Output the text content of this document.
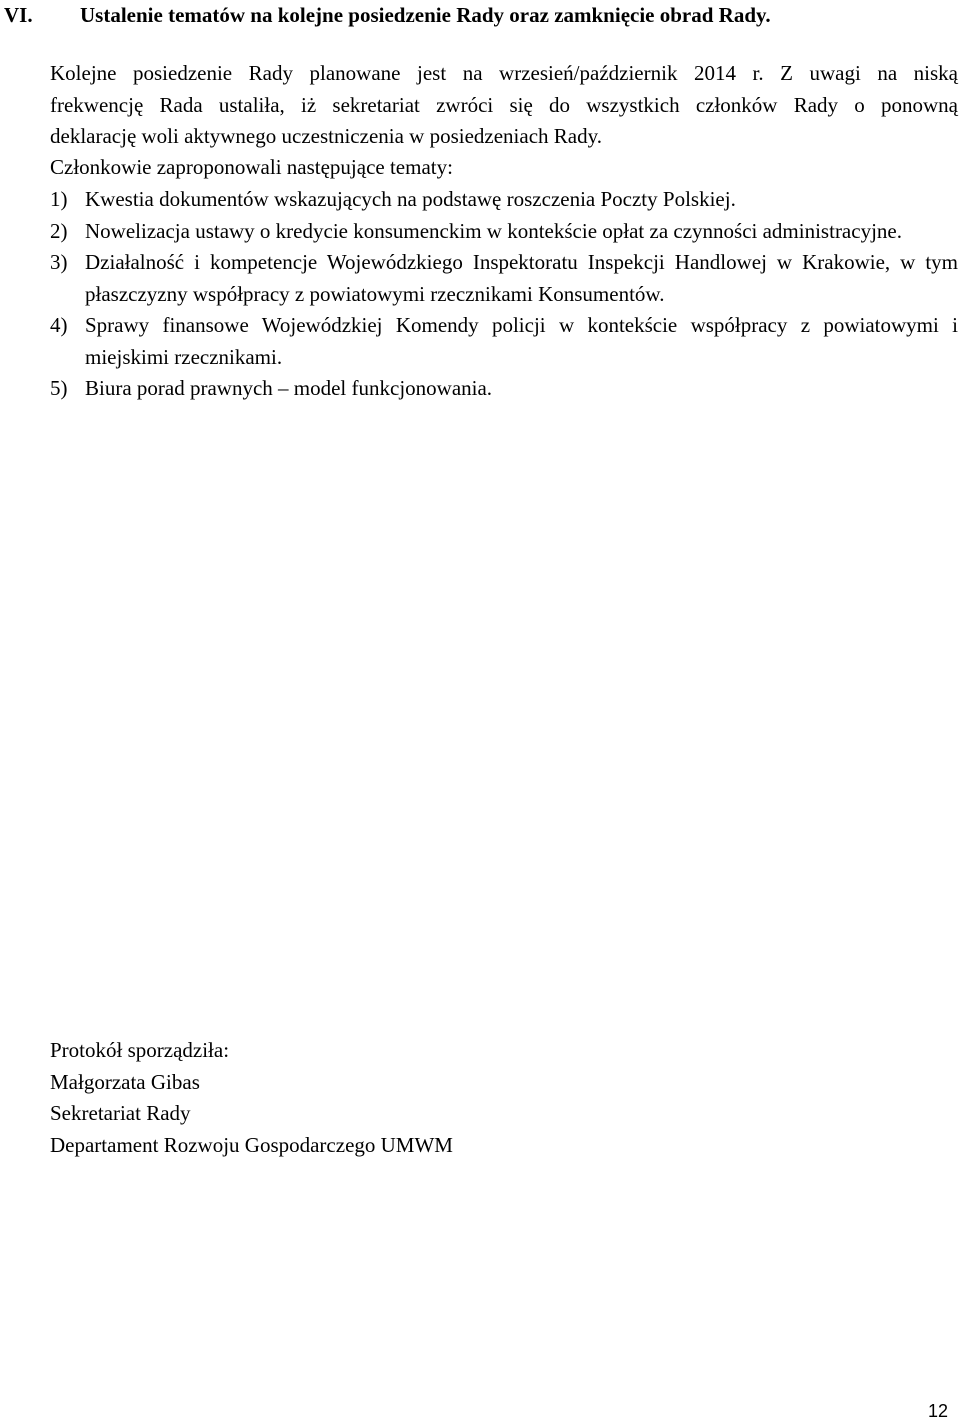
VI. Ustalenie tematów na kolejne posiedzenie Rady oraz zamknięcie obrad Rady.
Kolejne posiedzenie Rady planowane jest na wrzesień/październik 2014 r. Z uwagi na niską
frekwencję Rada ustaliła, iż sekretariat zwróci się do wszystkich członków Rady o ponowną
deklarację woli aktywnego uczestniczenia w posiedzeniach Rady.
Członkowie zaproponowali następujące tematy:
1) Kwestia dokumentów wskazujących na podstawę roszczenia Poczty Polskiej.
2) Nowelizacja ustawy o kredycie konsumenckim w kontekście opłat za czynności administracyjne.
3) Działalność i kompetencje Wojewódzkiego Inspektoratu Inspekcji Handlowej w Krakowie, w tym płaszczyzny współpracy z powiatowymi rzecznikami Konsumentów.
4) Sprawy finansowe Wojewódzkiej Komendy policji w kontekście współpracy z powiatowymi i miejskimi rzecznikami.
5) Biura porad prawnych – model funkcjonowania.
Protokół sporządziła:
Małgorzata Gibas
Sekretariat Rady
Departament Rozwoju Gospodarczego UMWM
12
